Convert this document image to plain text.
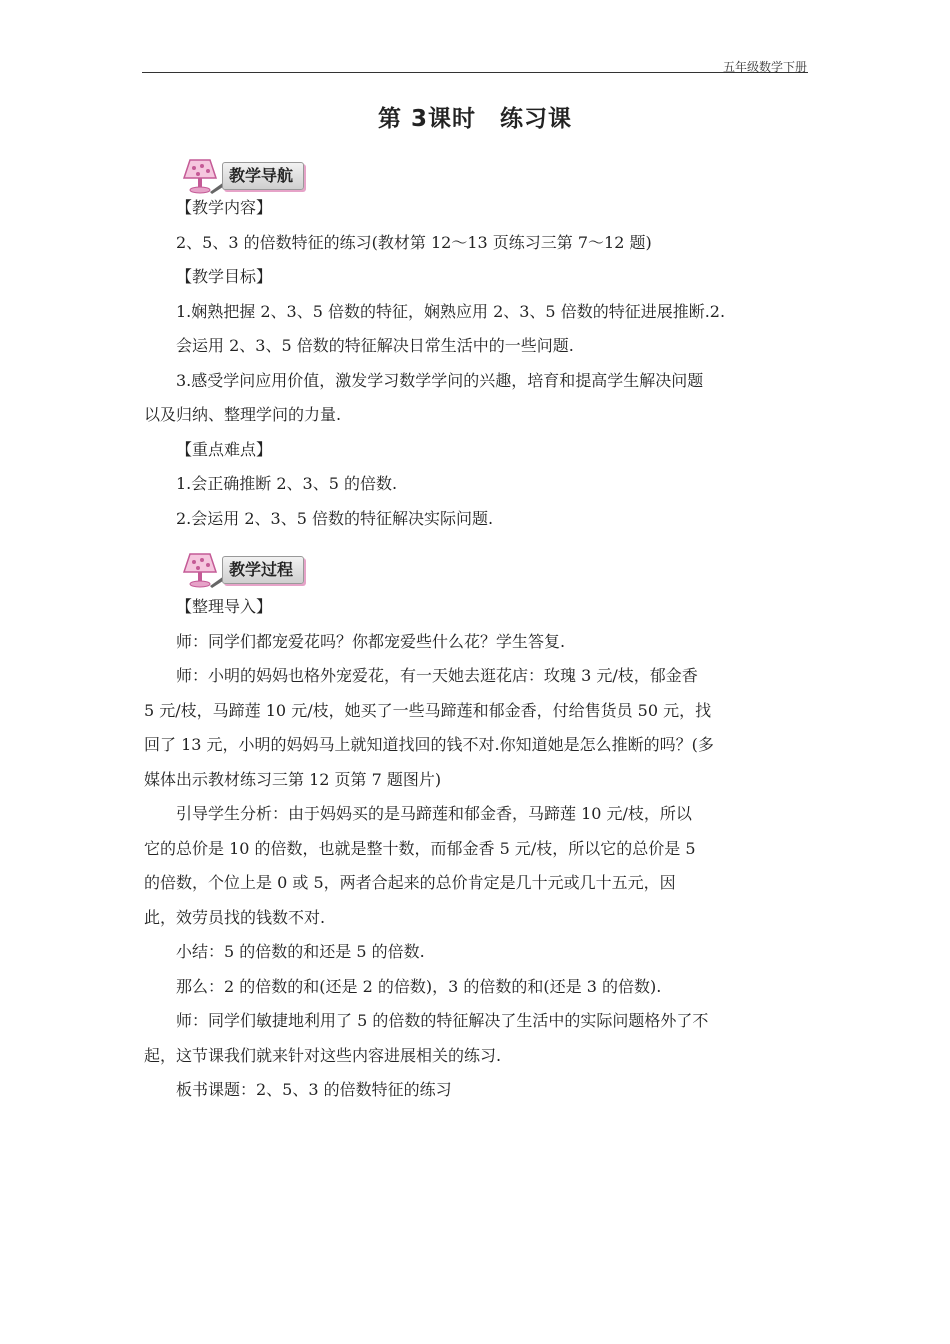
五年级数学下册
第 3课时　练习课
教学导航
教学过程

【教学内容】

2、5、3 的倍数特征的练习(教材第 12～13 页练习三第 7～12 题)

【教学目标】

1.娴熟把握 2、3、5 倍数的特征，娴熟应用 2、3、5 倍数的特征进展推断.2.

会运用 2、3、5 倍数的特征解决日常生活中的一些问题.

3.感受学问应用价值，激发学习数学学问的兴趣，培育和提高学生解决问题

以及归纳、整理学问的力量.

【重点难点】

1.会正确推断 2、3、5 的倍数.

2.会运用 2、3、5 倍数的特征解决实际问题.

【整理导入】

师：同学们都宠爱花吗？你都宠爱些什么花？学生答复.

师：小明的妈妈也格外宠爱花，有一天她去逛花店：玫瑰 3 元/枝，郁金香

5 元/枝，马蹄莲 10 元/枝，她买了一些马蹄莲和郁金香，付给售货员 50 元，找

回了 13 元，小明的妈妈马上就知道找回的钱不对.你知道她是怎么推断的吗？(多

媒体出示教材练习三第 12 页第 7 题图片)

引导学生分析：由于妈妈买的是马蹄莲和郁金香，马蹄莲 10 元/枝，所以

它的总价是 10 的倍数，也就是整十数，而郁金香 5 元/枝，所以它的总价是 5

的倍数，个位上是 0 或 5，两者合起来的总价肯定是几十元或几十五元，因

此，效劳员找的钱数不对.

小结：5 的倍数的和还是 5 的倍数.

那么：2 的倍数的和(还是 2 的倍数)，3 的倍数的和(还是 3 的倍数).

师：同学们敏捷地利用了 5 的倍数的特征解决了生活中的实际问题格外了不

起，这节课我们就来针对这些内容进展相关的练习.

板书课题：2、5、3 的倍数特征的练习
